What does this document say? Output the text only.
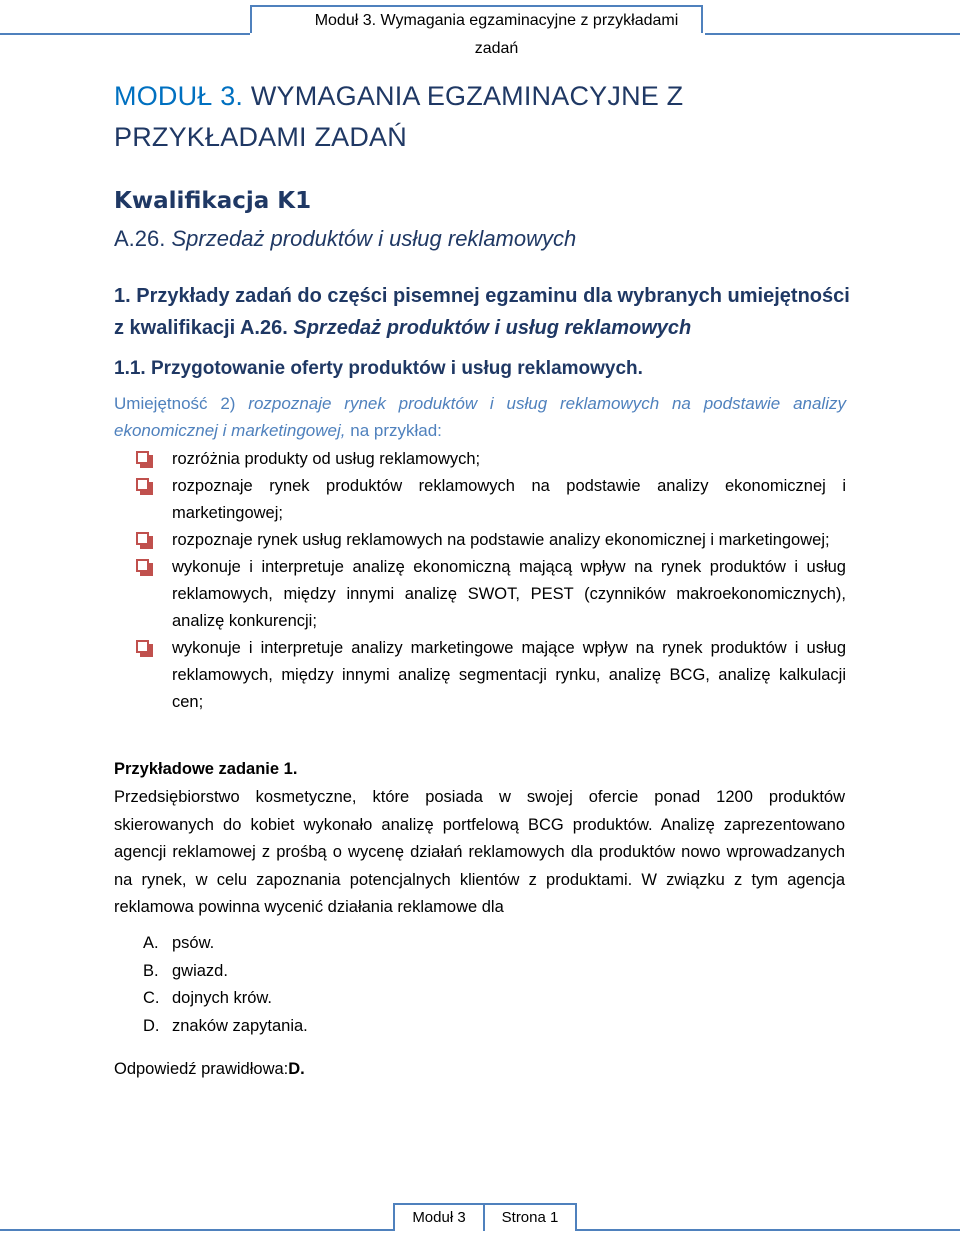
Moduł 3. Wymagania egzaminacyjne z przykładami zadań
MODUŁ 3. WYMAGANIA EGZAMINACYJNE Z PRZYKŁADAMI ZADAŃ
Kwalifikacja K1
A.26. Sprzedaż produktów i usług reklamowych
1. Przykłady zadań do części pisemnej egzaminu dla wybranych umiejętności z kwalifikacji A.26. Sprzedaż produktów i usług reklamowych
1.1. Przygotowanie oferty produktów i usług reklamowych.
Umiejętność 2) rozpoznaje rynek produktów i usług reklamowych na podstawie analizy ekonomicznej i marketingowej, na przykład:
rozróżnia produkty od usług reklamowych;
rozpoznaje rynek produktów reklamowych na podstawie analizy ekonomicznej i marketingowej;
rozpoznaje rynek usług reklamowych na podstawie analizy ekonomicznej i marketingowej;
wykonuje i interpretuje analizę ekonomiczną mającą wpływ na rynek produktów i usług reklamowych, między innymi analizę SWOT, PEST (czynników makroekonomicznych), analizę konkurencji;
wykonuje i interpretuje analizy marketingowe mające wpływ na rynek produktów i usług reklamowych, między innymi analizę segmentacji rynku, analizę BCG, analizę kalkulacji cen;
Przykładowe zadanie 1.
Przedsiębiorstwo kosmetyczne, które posiada w swojej ofercie ponad 1200 produktów skierowanych do kobiet wykonało analizę portfelową BCG produktów. Analizę zaprezentowano agencji reklamowej z prośbą o wycenę działań reklamowych dla produktów nowo wprowadzanych na rynek, w celu zapoznania potencjalnych klientów z produktami. W związku z tym agencja reklamowa powinna wycenić działania reklamowe dla
A. psów.
B. gwiazd.
C. dojnych krów.
D. znaków zapytania.
Odpowiedź prawidłowa:D.
Moduł 3	Strona 1
